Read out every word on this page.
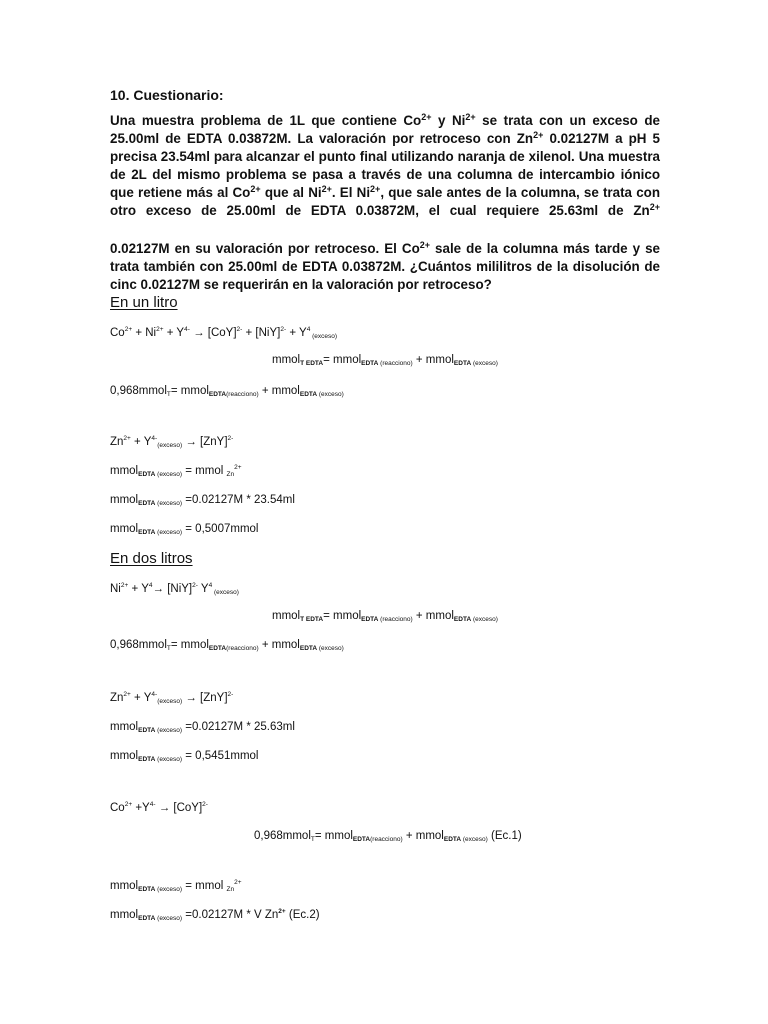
10. Cuestionario:

Una muestra problema de 1L que contiene $Co^{2+}$ y $Ni^{2+}$ se trata con un exceso de 25.00ml de EDTA 0.03872M. La valoración por retroceso con $Zn^{2+}$ 0.02127M a pH 5 precisa 23.54ml para alcanzar el punto final utilizando naranja de xilenol. Una muestra de 2L del mismo problema se pasa a través de una columna de intercambio iónico que retiene más al $Co^{2+}$ que al $Ni^{2+}$. El $Ni^{2+}$, que sale antes de la columna, se trata con otro exceso de 25.00ml de EDTA 0.03872M, el cual requiere 25.63ml de $Zn^{2+}$

0.02127M en su valoración por retroceso. El $Co^{2+}$ sale de la columna más tarde y se trata también con 25.00ml de EDTA 0.03872M. ¿Cuántos mililitros de la disolución de cinc 0.02127M se requerirán en la valoración por retroceso?

En un litro
$Co^{2+} + Ni^{2+} + Y^{4-} \to [CoY]^{2-} + [NiY]^{2-} + Y^4$ $_{(exceso)}$
mmol$_{T EDTA}$= mmol$_{EDTA}$ $_{(reacciono)}$ + mmol$_{EDTA}$ $_{(exceso)}$
0,968mmol$_T$= mmol$_{EDTA(reacciono)}$ + mmol$_{EDTA}$ $_{(exceso)}$
$Zn^{2+} + Y^{4-}_{(exceso)} \to [ZnY]^{2-}$
mmol$_{EDTA}$ $_{(exceso)}$ = mmol $_{Zn}^{2+}$
mmol$_{EDTA}$ $_{(exceso)}$ =0.02127M * 23.54ml
mmol$_{EDTA}$ $_{(exceso)}$ = 0,5007mmol
En dos litros
$Ni^{2+} + Y^4\to [NiY]^{2-}$ $Y^4$ $_{(exceso)}$
mmol$_{T EDTA}$= mmol$_{EDTA}$ $_{(reacciono)}$ + mmol$_{EDTA}$ $_{(exceso)}$
0,968mmol$_T$= mmol$_{EDTA(reacciono)}$ + mmol$_{EDTA}$ $_{(exceso)}$
$Zn^{2+} + Y^{4-}_{(exceso)} \to [ZnY]^{2-}$
mmol$_{EDTA}$ $_{(exceso)}$ =0.02127M * 25.63ml
mmol$_{EDTA}$ $_{(exceso)}$ = 0,5451mmol
$Co^{2+} +Y^{4-} \to [CoY]^{2-}$
0,968mmol$_T$= mmol$_{EDTA(reacciono)}$ + mmol$_{EDTA}$ $_{(exceso)}$ (Ec.1)
mmol$_{EDTA}$ $_{(exceso)}$ = mmol $_{Zn}^{2+}$
mmol$_{EDTA}$ $_{(exceso)}$ =0.02127M * V $Zn^{2+}$ (Ec.2)
